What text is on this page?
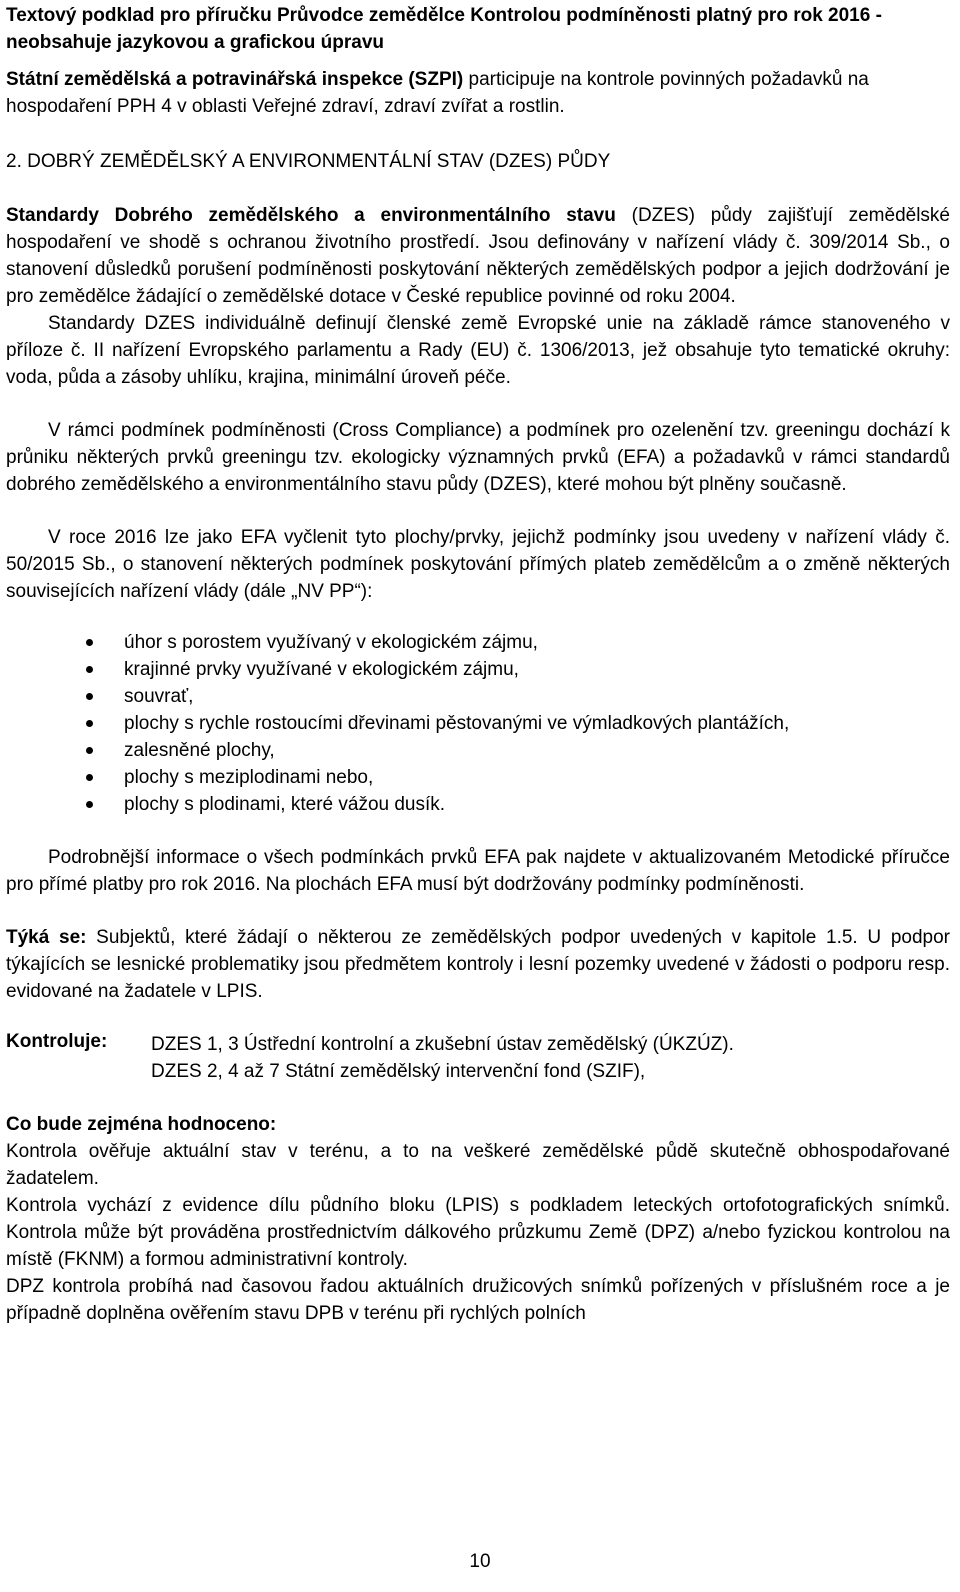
Textový podklad pro příručku Průvodce zemědělce Kontrolou podmíněnosti platný pro rok 2016 - neobsahuje jazykovou a grafickou úpravu

Státní zemědělská a potravinářská inspekce (SZPI) participuje na kontrole povinných požadavků na hospodaření PPH 4 v oblasti Veřejné zdraví, zdraví zvířat a rostlin.

2. DOBRÝ ZEMĚDĚLSKÝ A ENVIRONMENTÁLNÍ STAV (DZES) PŮDY

Standardy Dobrého zemědělského a environmentálního stavu (DZES) půdy zajišťují zemědělské hospodaření ve shodě s ochranou životního prostředí. Jsou definovány v nařízení vlády č. 309/2014 Sb., o stanovení důsledků porušení podmíněnosti poskytování některých zemědělských podpor a jejich dodržování je pro zemědělce žádající o zemědělské dotace v České republice povinné od roku 2004.

Standardy DZES individuálně definují členské země Evropské unie na základě rámce stanoveného v příloze č. II nařízení Evropského parlamentu a Rady (EU) č. 1306/2013, jež obsahuje tyto tematické okruhy: voda, půda a zásoby uhlíku, krajina, minimální úroveň péče.

V rámci podmínek podmíněnosti (Cross Compliance) a podmínek pro ozelenění tzv. greeningu dochází k průniku některých prvků greeningu tzv. ekologicky významných prvků (EFA) a požadavků v rámci standardů dobrého zemědělského a environmentálního stavu půdy (DZES), které mohou být plněny současně.

V roce 2016 lze jako EFA vyčlenit tyto plochy/prvky, jejichž podmínky jsou uvedeny v nařízení vlády č. 50/2015 Sb., o stanovení některých podmínek poskytování přímých plateb zemědělcům a o změně některých souvisejících nařízení vlády (dále „NV PP“):

úhor s porostem využívaný v ekologickém zájmu,
krajinné prvky využívané v ekologickém zájmu,
souvrať,
plochy s rychle rostoucími dřevinami pěstovanými ve výmladkových plantážích,
zalesněné plochy,
plochy s meziplodinami nebo,
plochy s plodinami, které vážou dusík.

Podrobnější informace o všech podmínkách prvků EFA pak najdete v aktualizovaném Metodické příručce pro přímé platby pro rok 2016. Na plochách EFA musí být dodržovány podmínky podmíněnosti.

Týká se: Subjektů, které žádají o některou ze zemědělských podpor uvedených v kapitole 1.5. U podpor týkajících se lesnické problematiky jsou předmětem kontroly i lesní pozemky uvedené v žádosti o podporu resp. evidované na žadatele v LPIS.

Kontroluje:	DZES 1, 3 Ústřední kontrolní a zkušební ústav zemědělský (ÚKZÚZ).

DZES 2, 4 až 7 Státní zemědělský intervenční fond (SZIF),

Co bude zejména hodnoceno:

Kontrola ověřuje aktuální stav v terénu, a to na veškeré zemědělské půdě skutečně obhospodařované žadatelem.

Kontrola vychází z evidence dílu půdního bloku (LPIS) s podkladem leteckých ortofotografických snímků. Kontrola může být prováděna prostřednictvím dálkového průzkumu Země (DPZ) a/nebo fyzickou kontrolou na místě (FKNM) a formou administrativní kontroly.

DPZ kontrola probíhá nad časovou řadou aktuálních družicových snímků pořízených v příslušném roce a je případně doplněna ověřením stavu DPB v terénu při rychlých polních

10
